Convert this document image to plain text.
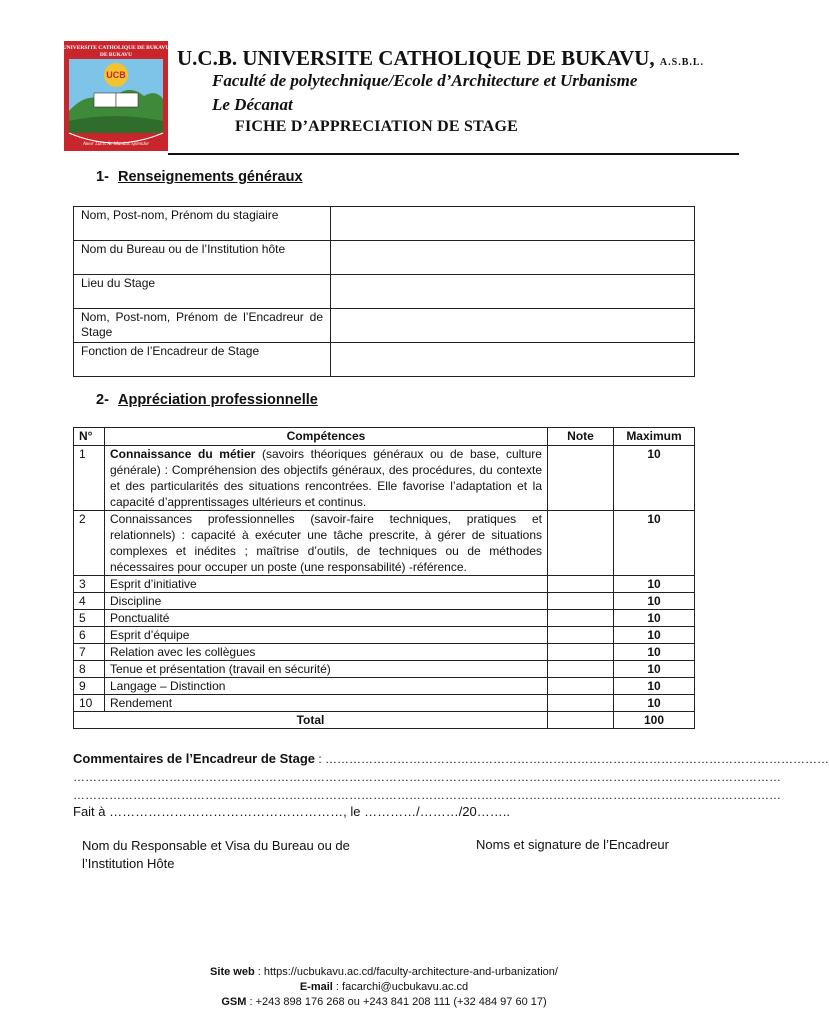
UNIVERSITE CATHOLIQUE DE BUKAVU
DE BUKAVU
UCB
Amor Lucis Ac Mundus Splendor
U.C.B. UNIVERSITE CATHOLIQUE DE BUKAVU, A.S.B.L.
Faculté de polytechnique/Ecole d’Architecture et Urbanisme
Le Décanat
FICHE D’APPRECIATION DE STAGE
1- Renseignements généraux
Nom, Post-nom, Prénom du stagiaire	
Nom du Bureau ou de l’Institution hôte	
Lieu du Stage	
Nom, Post-nom, Prénom de l’Encadreur de Stage	
Fonction de l’Encadreur de Stage	
2- Appréciation professionnelle
N°	Compétences	Note	Maximum
1	Connaissance du métier (savoirs théoriques généraux ou de base, culture générale) : Compréhension des objectifs généraux, des procédures, du contexte et des particularités des situations rencontrées. Elle favorise l’adaptation et la capacité d’apprentissages ultérieurs et continus.		10
2	Connaissances professionnelles (savoir-faire techniques, pratiques et relationnels) : capacité à exécuter une tâche prescrite, à gérer de situations complexes et inédites ; maîtrise d’outils, de techniques ou de méthodes nécessaires pour occuper un poste (une responsabilité) -référence.		10
3	Esprit d’initiative		10
4	Discipline		10
5	Ponctualité		10
6	Esprit d’équipe		10
7	Relation avec les collègues		10
8	Tenue et présentation (travail en sécurité)		10
9	Langage – Distinction		10
10	Rendement		10
Total			100
Commentaires de l’Encadreur de Stage : ………………………………………………………………………………………………………………
……………………………………………………………………………………………………………………………………………………………
……………………………………………………………………………………………………………………………………………………………
Fait à ………………………………………………, le …………/………/20……..
Nom du Responsable et Visa du Bureau ou de l’Institution Hôte
Noms et signature de l’Encadreur
Site web : https://ucbukavu.ac.cd/faculty-architecture-and-urbanization/
E-mail : facarchi@ucbukavu.ac.cd
GSM : +243 898 176 268 ou +243 841 208 111 (+32 484 97 60 17)
